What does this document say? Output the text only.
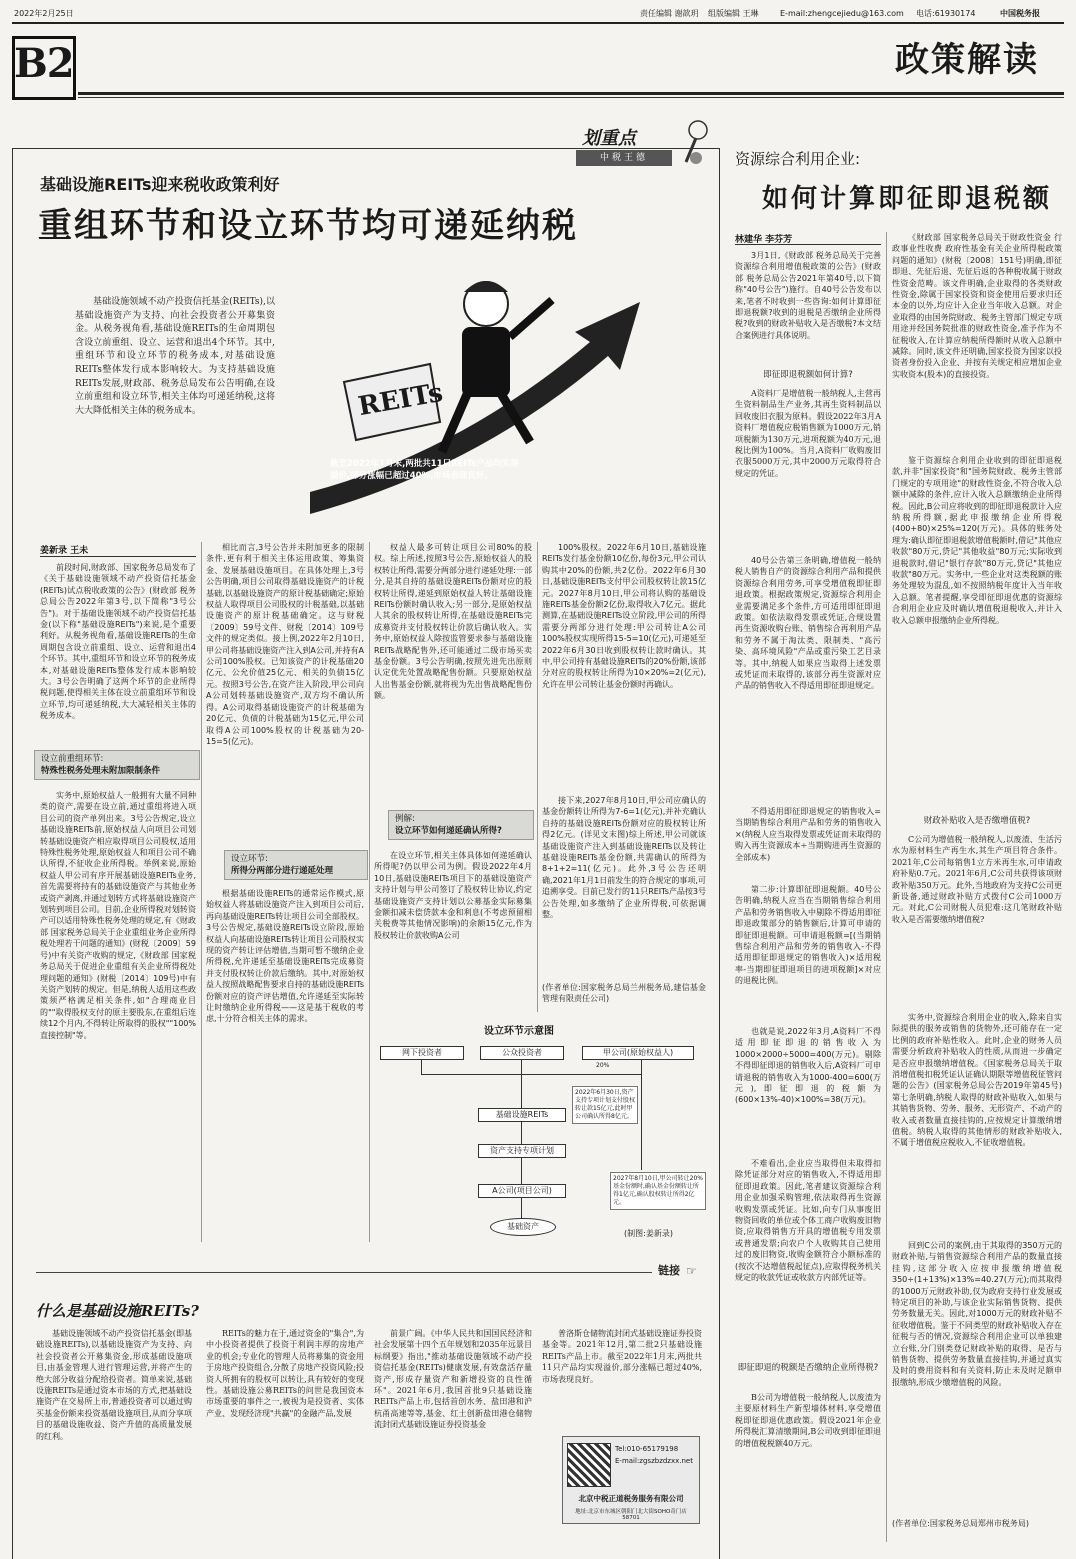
2022年2月25日	责任编辑 谢歆玥 组版编辑 王琳	E-mail:zhengcejiedu@163.com 电话:61930174	中国税务报
B2	政策解读
划重点
中税王德
基础设施REITs迎来税收政策利好
重组环节和设立环节均可递延纳税

基础设施领域不动产投资信托基金(REITs),以基础设施资产为支持、向社会投资者公开募集资金。从税务视角看,基础设施REITs的生命周期包含设立前重组、设立、运营和退出4个环节。其中,重组环节和设立环节的税务成本,对基础设施REITs整体发行成本影响较大。为支持基础设施REITs发展,财政部、税务总局发布公告明确,在设立前重组和设立环节,相关主体均可递延纳税,这将大大降低相关主体的税务成本。	REITs
截至2022年1月末,两批共11只REITs产品均实现溢价,部分涨幅已超过40%,市场表现良好。
姜新录 王未

前段时间,财政部、国家税务总局发布了《关于基础设施领域不动产投资信托基金(REITs)试点税收政策的公告》(财政部 税务总局公告2022年第3号,以下简称"3号公告")。对于基础设施领域不动产投资信托基金(以下称"基础设施REITs")来说,是个重要利好。从税务视角看,基础设施REITs的生命周期包含设立前重组、设立、运营和退出4个环节。其中,重组环节和设立环节的税务成本,对基础设施REITs整体发行成本影响较大。3号公告明确了这两个环节的企业所得税问题,使得相关主体在设立前重组环节和设立环节,均可递延纳税,大大减轻相关主体的税务成本。

设立前重组环节:
特殊性税务处理未附加限制条件

实务中,原始权益人一般拥有大量不同种类的资产,需要在设立前,通过重组将进入项目公司的资产单列出来。3号公告规定,设立基础设施REITs前,原始权益人向项目公司划转基础设施资产相应取得项目公司股权,适用特殊性税务处理,原始权益人和项目公司不确认所得,不征收企业所得税。举例来说,原始权益人甲公司有序开展基础设施REITs业务,首先需要将持有的基础设施资产与其他业务或资产剥离,并通过划转方式将基础设施资产划转到项目公司。目前,企业所得税对划转资产可以适用特殊性税务处理的规定,有《财政部 国家税务总局关于企业重组业务企业所得税处理若干问题的通知》(财税〔2009〕59号)中有关资产收购的规定,《财政部 国家税务总局关于促进企业重组有关企业所得税处理问题的通知》(财税〔2014〕109号)中有关资产划转的规定。但是,纳税人适用这些政策须严格满足相关条件,如"合理商业目的""取得股权支付的原主要股东,在重组后连续12个月内,不得转让所取得的股权""100%直接控制"等。

相比而言,3号公告并未附加更多的限制条件,更有利于相关主体运用政策、筹集资金、发展基础设施项目。在具体处理上,3号公告明确,项目公司取得基础设施资产的计税基础,以基础设施资产的原计税基础确定;原始权益人取得项目公司股权的计税基础,以基础设施资产的原计税基础确定。这与财税〔2009〕59号文件、财税〔2014〕109号文件的规定类似。接上例,2022年2月10日,甲公司将基础设施资产注入到A公司,并持有A公司100%股权。已知该资产的计税基础20亿元、公允价值25亿元、相关的负债15亿元。按照3号公告,在资产注入阶段,甲公司向A公司划转基础设施资产,双方均不确认所得。A公司取得基础设施资产的计税基础为20亿元、负债的计税基础为15亿元,甲公司取得A公司100%股权的计税基础为20-15=5(亿元)。

设立环节:
所得分两部分进行递延处理

根据基础设施REITs的通常运作模式,原始权益人将基础设施资产注入到项目公司后,再向基础设施REITs转让项目公司全部股权。3号公告规定,基础设施REITs设立阶段,原始权益人向基础设施REITs转让项目公司股权实现的资产转让评估增值,当期可暂不缴纳企业所得税,允许递延至基础设施REITs完成募资并支付股权转让价款后缴纳。其中,对原始权益人按照战略配售要求自持的基础设施REITs份额对应的资产评估增值,允许递延至实际转让时缴纳企业所得税——这是基于税收的考虑,十分符合相关主体的需求。

权益人最多可转让项目公司80%的股权。综上所述,按照3号公告,原始权益人的股权转让所得,需要分两部分进行递延处理:一部分,是其自持的基础设施REITs份额对应的股权转让所得,递延到原始权益人转让基础设施REITs份额时确认收入;另一部分,是原始权益人其余的股权转让所得,在基础设施REITs完成募资并支付股权转让价款后确认收入。实务中,原始权益人除按监管要求参与基础设施REITs战略配售外,还可能通过二级市场买卖基金份额。3号公告明确,按照先进先出原则认定优先处置战略配售份额。只要原始权益人出售基金份额,就将视为先出售战略配售份额。

例解:
设立环节如何递延确认所得?

在设立环节,相关主体具体如何递延确认所得呢?仍以甲公司为例。假设2022年4月10日,基础设施REITs项目下的基础设施资产支持计划与甲公司签订了股权转让协议,约定基础设施资产支持计划以公募基金实际募集金额扣减未偿贷款本金和利息(不考虑预留相关税费等其他情况影响)的余额15亿元,作为股权转让价款收购A公司

100%股权。2022年6月10日,基础设施REITs发行基金份额10亿份,每份3元,甲公司认购其中20%的份额,共2亿份。2022年6月30日,基础设施REITs支付甲公司股权转让款15亿元。2027年8月10日,甲公司将认购的基础设施REITs基金份额2亿份,取得收入7亿元。据此测算,在基础设施REITs设立阶段,甲公司的所得需要分两部分进行处理:甲公司转让A公司100%股权实现所得15-5=10(亿元),可递延至2022年6月30日收到股权转让款时确认。其中,甲公司持有基础设施REITs的20%份额,该部分对应的股权转让所得为10×20%=2(亿元),允许在甲公司转让基金份额时再确认。

接下来,2027年8月10日,甲公司应确认的基金份额转让所得为7-6=1(亿元),并补充确认自持的基础设施REITs份额对应的股权转让所得2亿元。(详见文末图)综上所述,甲公司就该基础设施资产注入到基础设施REITs以及转让基础设施REITs基金份额,共需确认的所得为8+1+2=11(亿元)。此外,3号公告还明确,2021年1月1日前发生的符合规定的事项,可追溯享受。目前已发行的11只REITs产品按3号公告处理,如多缴纳了企业所得税,可依据调整。

(作者单位:国家税务总局兰州税务局,建信基金管理有限责任公司)
设立环节示意图
网下投资者	公众投资者	甲公司(原始权益人)
20%
基础设施REITs
资产支持专项计划
A公司(项目公司)
基础资产
2022年6月30日,资产支持专项计划支付股权转让款15亿元,此时甲公司确认所得8亿元。
2027年8月10日,甲公司转让20%基金份额时,确认基金份额转让所得1亿元,确认股权转让所得2亿元。
(制图:姜新录)
链接 ☞
什么是基础设施REITs?

基础设施领域不动产投资信托基金(即基础设施REITs),以基础设施资产为支持、向社会投资者公开募集资金,形成基础设施项目,由基金管理人进行管理运营,并将产生的绝大部分收益分配给投资者。简单来说,基础设施REITs是通过资本市场的方式,把基础设施资产在交易所上市,普通投资者可以通过购买基金份额来投资基础设施项目,从而分享项目的基础设施收益、资产升值的高质量发展的红利。

REITs的魅力在于,通过资金的"集合",为中小投资者提供了投资于利润丰厚的房地产业的机会;专业化的管理人员将募集的资金用于房地产投资组合,分散了房地产投资风险;投资人所拥有的股权可以转让,具有较好的变现性。基础设施公募REITs的问世是我国资本市场重要的事件之一,被视为是投资者、实体产业、发现经济现"共赢"的金融产品,发展

前景广阔。《中华人民共和国国民经济和社会发展第十四个五年规划和2035年远景目标纲要》指出,"推动基础设施领域不动产投资信托基金(REITs)健康发展,有效盘活存量资产,形成存量资产和新增投资的良性循环"。2021年6月,我国首批9只基础设施REITs产品上市,包括首创水务、盐田港和沪杭甬高速等等,基金、红土创新盐田港仓储物流封闭式基础设施证券投资基金

普洛斯仓储物流封闭式基础设施证券投资基金等。2021年12月,第二批2只基础设施REITs产品上市。截至2022年1月末,两批共11只产品均实现溢价,部分涨幅已超过40%,市场表现良好。

Tel:010-65179198
E-mail:zgszbzdzxx.net
北京中税正道税务服务有限公司
地址:北京市东城区朝阳门北大街SOHO奇门店58701
资源综合利用企业:
如何计算即征即退税额
林建华 李芬芳

3月1日,《财政部 税务总局关于完善资源综合利用增值税政策的公告》(财政部 税务总局公告2021年第40号,以下简称"40号公告")施行。自40号公告发布以来,笔者不时收到一些咨询:如何计算即征即退税额?收到的退税是否缴纳企业所得税?收到的财政补贴收入是否缴税?本文结合案例进行具体说明。

即征即退税额如何计算?

A资料厂是增值税一般纳税人,主营再生资料制品生产业务,其再生资料制品以回收废旧衣服为原料。假设2022年3月A资料厂增值税应税销售额为1000万元,销项税额为130万元,进项税额为40万元,退税比例为100%。当月,A资料厂收购废旧衣服5000万元,其中2000万元取得符合规定的凭证。

40号公告第三条明确,增值税一般纳税人销售自产的资源综合利用产品和提供资源综合利用劳务,可享受增值税即征即退政策。根据政策规定,资源综合利用企业需要满足多个条件,方可适用即征即退政策。如依法取得发票或凭证,合规设置再生资源收购台账、销售综合再利用产品和劳务不属于淘汰类、限制类、"高污染、高环境风险"产品或重污染工艺目录等。其中,纳税人如果应当取得上述发票或凭证而未取得的,该部分再生资源对应产品的销售收入不得适用即征即退规定。

不得适用即征即退规定的销售收入=当期销售综合利用产品和劳务的销售收入×(纳税人应当取得发票或凭证而未取得的购入再生资源成本÷当期购进再生资源的全部成本)

第二步:计算即征即退税额。40号公告明确,纳税人应当在当期销售综合利用产品和劳务销售收入中剔除不得适用即征即退政策部分的销售额后,计算可申请的即征即退税额。可申请退税额=[(当期销售综合利用产品和劳务的销售收入-不得适用即征即退规定的销售收入)×适用税率-当期即征即退项目的进项税额]×对应的退税比例。

也就是说,2022年3月,A资料厂不得适用即征即退的销售收入为1000×2000÷5000=400(万元)。剔除不得即征即退的销售收入后,A资料厂可申请退税的销售收入为1000-400=600(万元),即征即退的税额为(600×13%-40)×100%=38(万元)。

不难看出,企业应当取得但未取得扣除凭证部分对应的销售收入,不得适用即征即退政策。因此,笔者建议资源综合利用企业加强采购管理,依法取得再生资源收购发票或凭证。比如,向专门从事废旧物资回收的单位或个体工商户收购废旧物资,应取得销售方开具的增值税专用发票或普通发票;向农户个人收购其自己使用过的废旧物资,收购金额符合小额标准的(按次不达增值税起征点),应取得税务机关规定的收款凭证或收款方内部凭证等。

即征即退的税额是否缴纳企业所得税?

B公司为增值税一般纳税人,以废渣为主要原材料生产新型墙体材料,享受增值税即征即退优惠政策。假设2021年企业所得税汇算清缴期间,B公司收到即征即退的增值税税额40万元。

《财政部 国家税务总局关于财政性资金 行政事业性收费 政府性基金有关企业所得税政策问题的通知》(财税〔2008〕151号)明确,即征即退、先征后退、先征后返的各种税收属于财政性资金范畴。该文件明确,企业取得的各类财政性资金,除属于国家投资和资金使用后要求归还本金的以外,均应计入企业当年收入总额。对企业取得的由国务院财政、税务主管部门规定专项用途并经国务院批准的财政性资金,准予作为不征税收入,在计算应纳税所得额时从收入总额中减除。同时,该文件还明确,国家投资为国家以投资者身份投入企业、并按有关规定相应增加企业实收资本(股本)的直接投资。

鉴于资源综合利用企业收到的即征即退税款,并非"国家投资"和"国务院财政、税务主管部门规定的专项用途"的财政性资金,不符合收入总额中减除的条件,应计入收入总额缴纳企业所得税。因此,B公司应将收到的即征即退税款计入应纳税所得额,据此申报缴纳企业所得税(400+80)×25%=120(万元)。具体的账务处理为:确认即征即退税款增值税额时,借记"其他应收款"80万元,贷记"其他收益"80万元;实际收到退税款时,借记"银行存款"80万元,贷记"其他应收款"80万元。实务中,一些企业对这类税额的账务处理较为混乱,如不按照纳税年度计入当年收入总额。笔者提醒,享受即征即退优惠的资源综合利用企业应及时确认增值税退税收入,并计入收入总额申报缴纳企业所得税。

财政补贴收入是否缴增值税?

C公司为增值税一般纳税人,以废渣、生活污水为原材料生产再生水,其生产项目符合条件。2021年,C公司每销售1立方米再生水,可申请政府补贴0.7元。2021年6月,C公司共获得该项财政补贴350万元。此外,当地政府为支持C公司更新设备,通过财政补贴方式拨付C公司1000万元。对此,C公司财税人员犯难:这几笔财政补贴收入是否需要缴纳增值税?

实务中,资源综合利用企业的收入,除来自实际提供的服务或销售的货物外,还可能存在一定比例的政府补贴性收入。此时,企业的财务人员需要分析政府补贴收入的性质,从而进一步确定是否应申报缴纳增值税。《国家税务总局关于取消增值税扣税凭证认证确认期限等增值税征管问题的公告》(国家税务总局公告2019年第45号)第七条明确,纳税人取得的财政补贴收入,如果与其销售货物、劳务、服务、无形资产、不动产的收入或者数量直接挂钩的,应按规定计算缴纳增值税。纳税人取得的其他情形的财政补贴收入,不属于增值税应税收入,不征收增值税。

回到C公司的案例,由于其取得的350万元的财政补贴,与销售资源综合利用产品的数量直接挂钩,这部分收入应按申报缴纳增值税350÷(1+13%)×13%=40.27(万元);而其取得的1000万元财政补助,仅为政府支持行业发展或特定项目的补助,与该企业实际销售货物、提供劳务数量无关。因此,对1000万元的财政补贴不征收增值税。鉴于不同类型的财政补贴收入存在征税与否的情况,资源综合利用企业可以单独建立台账,分门别类登记财政补贴的取得、是否与销售货物、提供劳务数量直接挂钩,并通过真实及时的费用资料和有关资料,防止未及时足额申报缴纳,形成少缴增值税的风险。

(作者单位:国家税务总局郑州市税务局)
